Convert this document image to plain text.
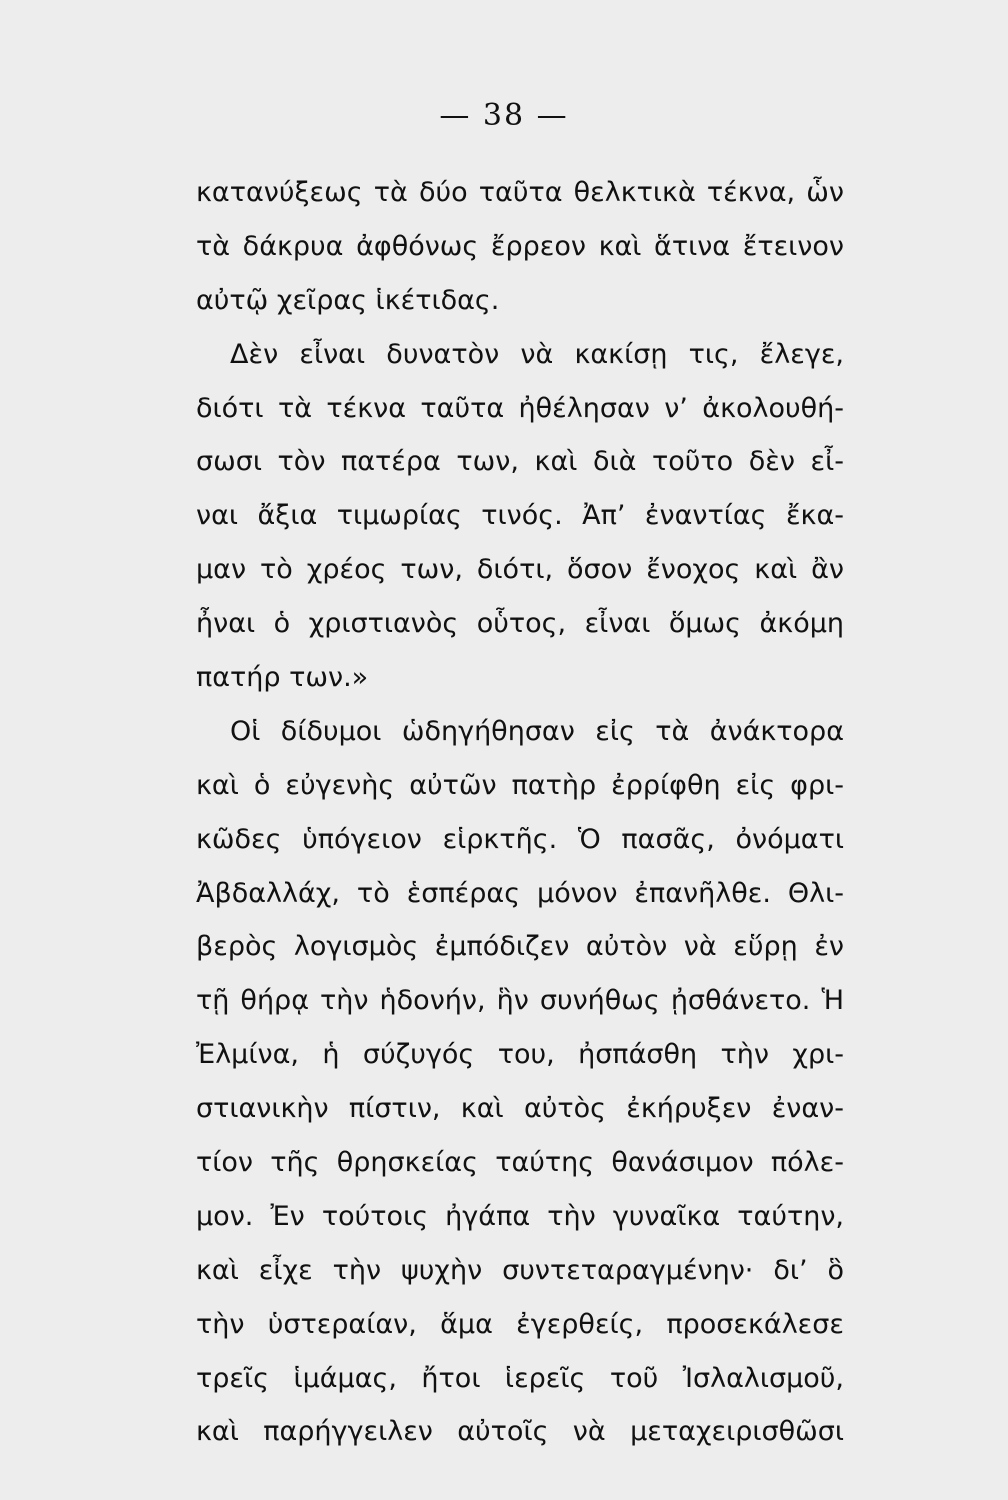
— 38 —
κατανύξεως τὰ δύο ταῦτα θελκτικὰ τέκνα, ὧν
τὰ δάκρυα ἀφθόνως ἔρρεον καὶ ἅτινα ἔτεινον
αὐτῷ χεῖρας ἱκέτιδας.
Δὲν εἶναι δυνατὸν νὰ κακίσῃ τις, ἔλεγε,
διότι τὰ τέκνα ταῦτα ἠθέλησαν ν’ ἀκολουθή-
σωσι τὸν πατέρα των, καὶ διὰ τοῦτο δὲν εἶ-
ναι ἄξια τιμωρίας τινός. Ἀπ’ ἐναντίας ἔκα-
μαν τὸ χρέος των, διότι, ὅσον ἔνοχος καὶ ἂν
ἦναι ὁ χριστιανὸς οὗτος, εἶναι ὅμως ἀκόμη
πατήρ των.»
Οἱ δίδυμοι ὡδηγήθησαν εἰς τὰ ἀνάκτορα
καὶ ὁ εὐγενὴς αὐτῶν πατὴρ ἐρρίφθη εἰς φρι-
κῶδες ὑπόγειον εἱρκτῆς. Ὁ πασᾶς, ὀνόματι
Ἀβδαλλάχ, τὸ ἑσπέρας μόνον ἐπανῆλθε. Θλι-
βερὸς λογισμὸς ἐμπόδιζεν αὐτὸν νὰ εὕρῃ ἐν
τῇ θήρᾳ τὴν ἡδονήν, ἣν συνήθως ᾐσθάνετο. Ἡ
Ἐλμίνα, ἡ σύζυγός του, ἠσπάσθη τὴν χρι-
στιανικὴν πίστιν, καὶ αὐτὸς ἐκήρυξεν ἐναν-
τίον τῆς θρησκείας ταύτης θανάσιμον πόλε-
μον. Ἐν τούτοις ἠγάπα τὴν γυναῖκα ταύτην,
καὶ εἶχε τὴν ψυχὴν συντεταραγμένην· δι’ ὃ
τὴν ὑστεραίαν, ἅμα ἐγερθείς, προσεκάλεσε
τρεῖς ἱμάμας, ἤτοι ἱερεῖς τοῦ Ἰσλαλισμοῦ,
καὶ παρήγγειλεν αὐτοῖς νὰ μεταχειρισθῶσι
